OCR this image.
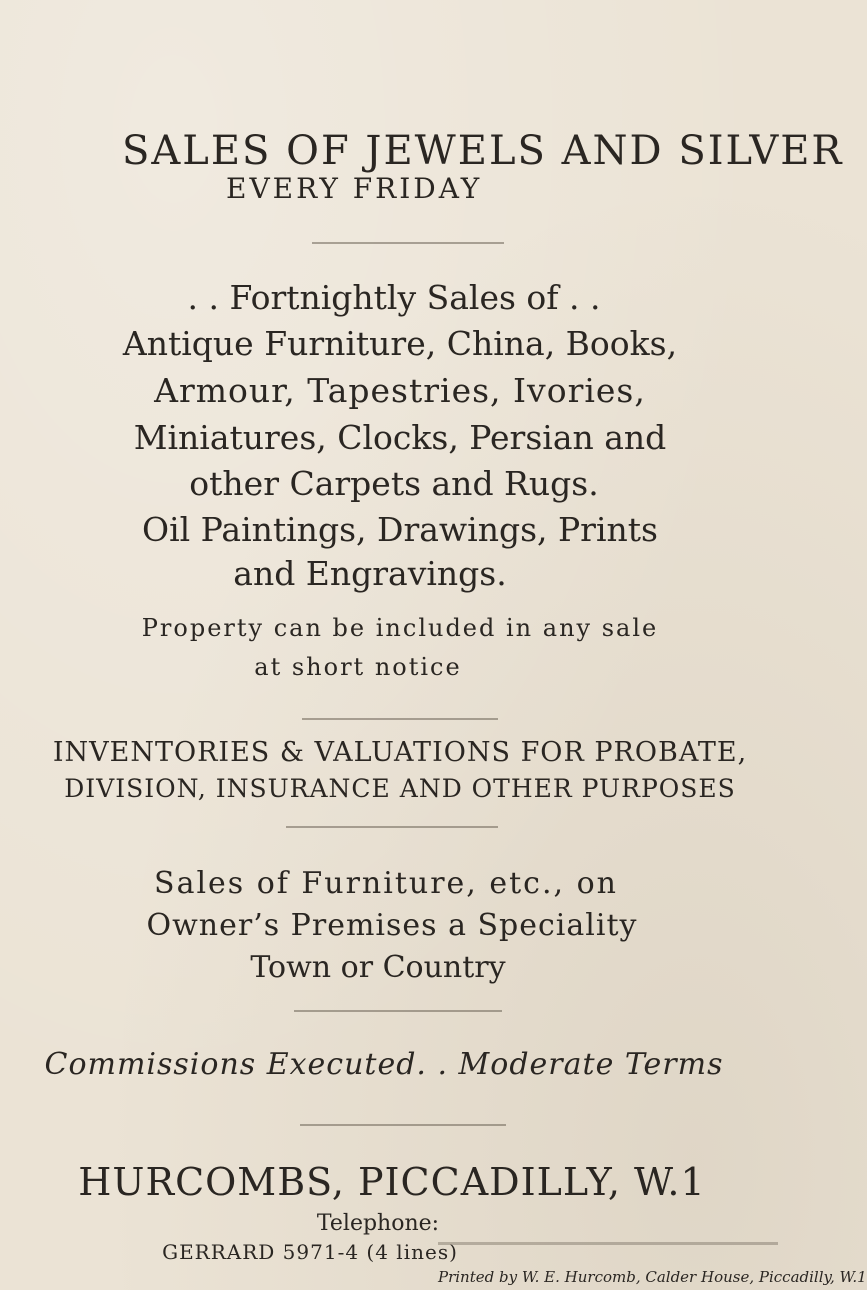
SALES OF JEWELS AND SILVER
EVERY FRIDAY
. . Fortnightly Sales of . .
Antique Furniture, China, Books,
Armour, Tapestries, Ivories,
Miniatures, Clocks, Persian and
other Carpets and Rugs.
Oil Paintings, Drawings, Prints
and Engravings.
Property can be included in any sale
at short notice
INVENTORIES & VALUATIONS FOR PROBATE,
DIVISION, INSURANCE AND OTHER PURPOSES
Sales of Furniture, etc., on
Owner’s Premises a Speciality
Town or Country
Commissions Executed. . Moderate Terms
HURCOMBS, PICCADILLY, W.1
Telephone:
GERRARD 5971-4 (4 lines)
Printed by W. E. Hurcomb, Calder House, Piccadilly, W.1
